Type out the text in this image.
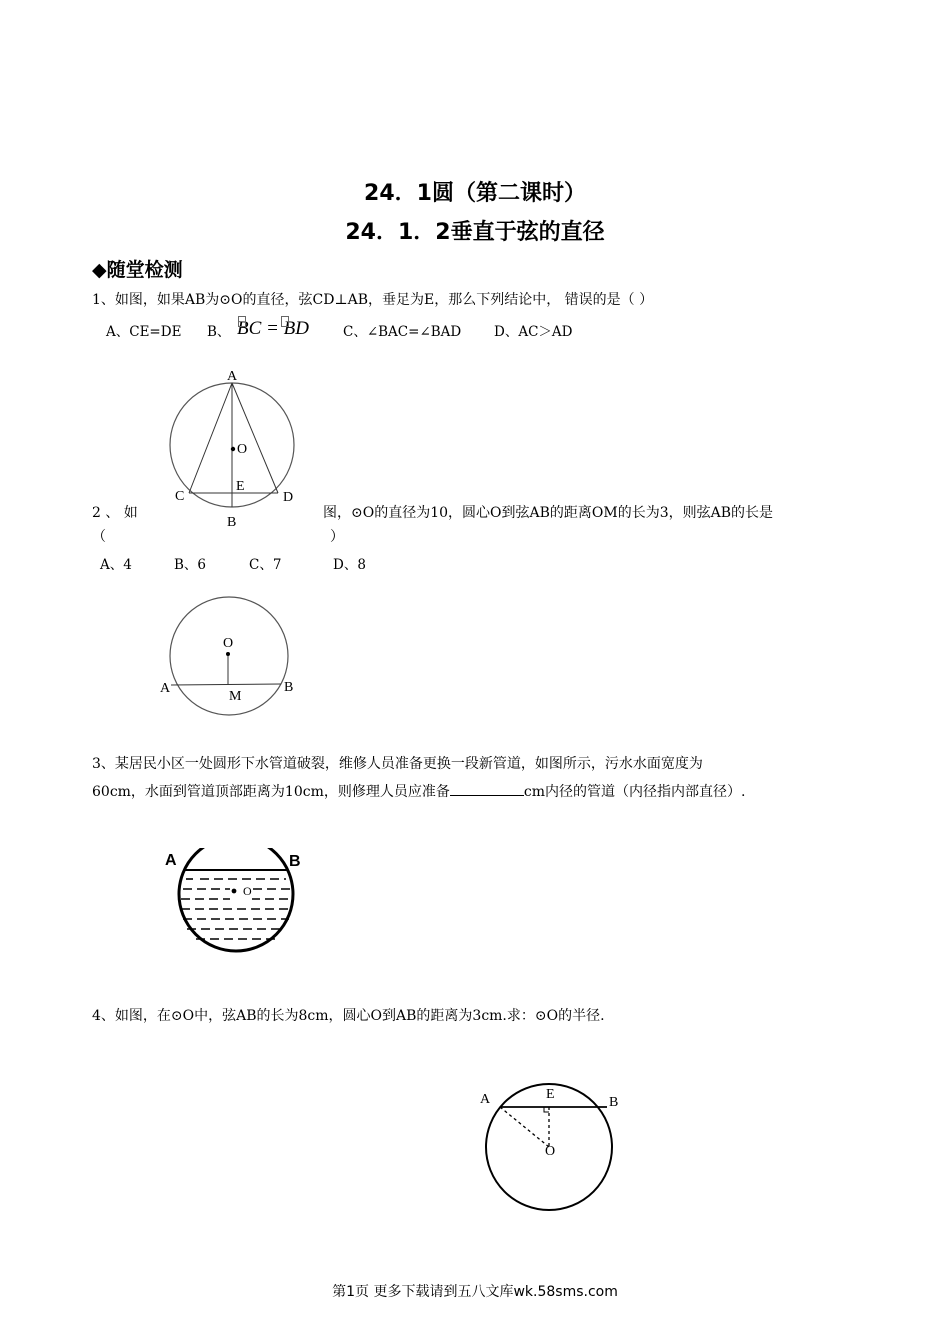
24．1圆（第二课时）
24．1．2垂直于弦的直径
◆随堂检测
1、如图，如果AB为⊙O的直径，弦CD⊥AB，垂足为E，那么下列结论中， 错误的是（ ）
A、CE=DE B、 BC = BD	C、∠BAC=∠BAD D、AC＞AD
A
O
E
C	D
B
2 、 如	图，⊙O的直径为10，圆心O到弦AB的距离OM的长为3，则弦AB的长是
（	）
A、4	B、6	C、7	D、8
O
A
M
B
3、某居民小区一处圆形下水管道破裂，维修人员准备更换一段新管道，如图所示，污水水面宽度为
60cm，水面到管道顶部距离为10cm，则修理人员应准备	cm内径的管道（内径指内部直径）.
A	B
O
4、如图，在⊙O中，弦AB的长为8cm，圆心O到AB的距离为3cm.求：⊙O的半径.
A	E
B
O
第1页 更多下载请到五八文库wk.58sms.com
